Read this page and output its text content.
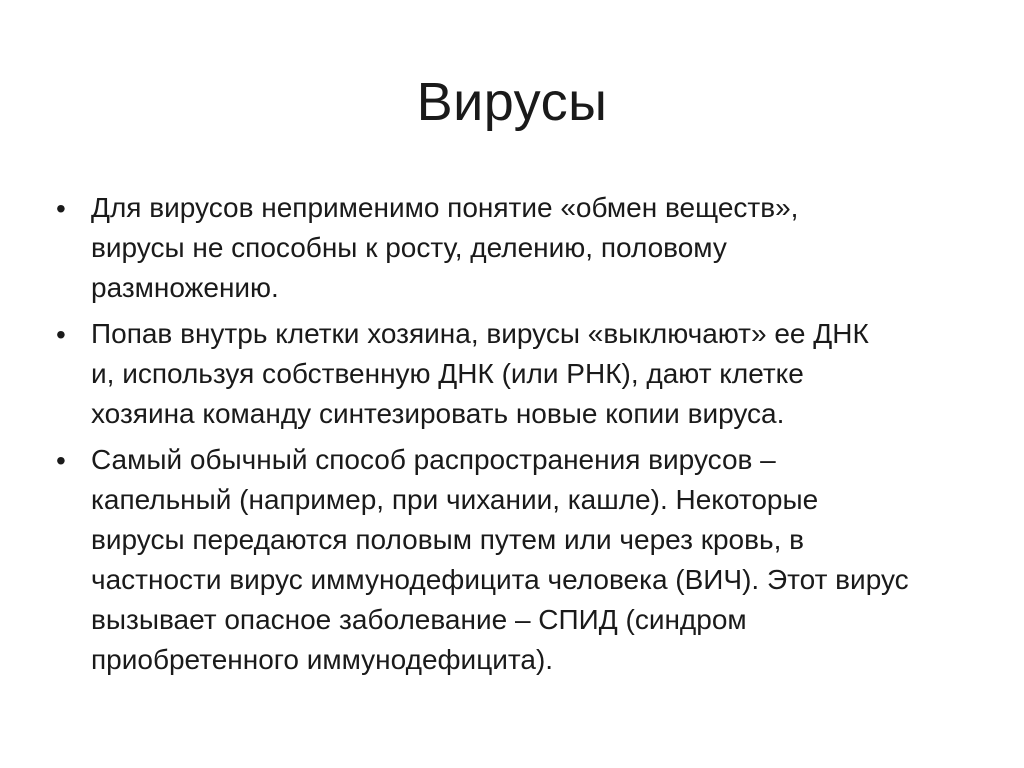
Вирусы
• Для вирусов неприменимо понятие «обмен веществ»,
вирусы не способны к росту, делению, половому
размножению.
• Попав внутрь клетки хозяина, вирусы «выключают» ее ДНК
и, используя собственную ДНК (или РНК), дают клетке
хозяина команду синтезировать новые копии вируса.
• Самый обычный способ распространения вирусов –
капельный (например, при чихании, кашле). Некоторые
вирусы передаются половым путем или через кровь, в
частности вирус иммунодефицита человека (ВИЧ). Этот вирус
вызывает опасное заболевание – СПИД (синдром
приобретенного иммунодефицита).
